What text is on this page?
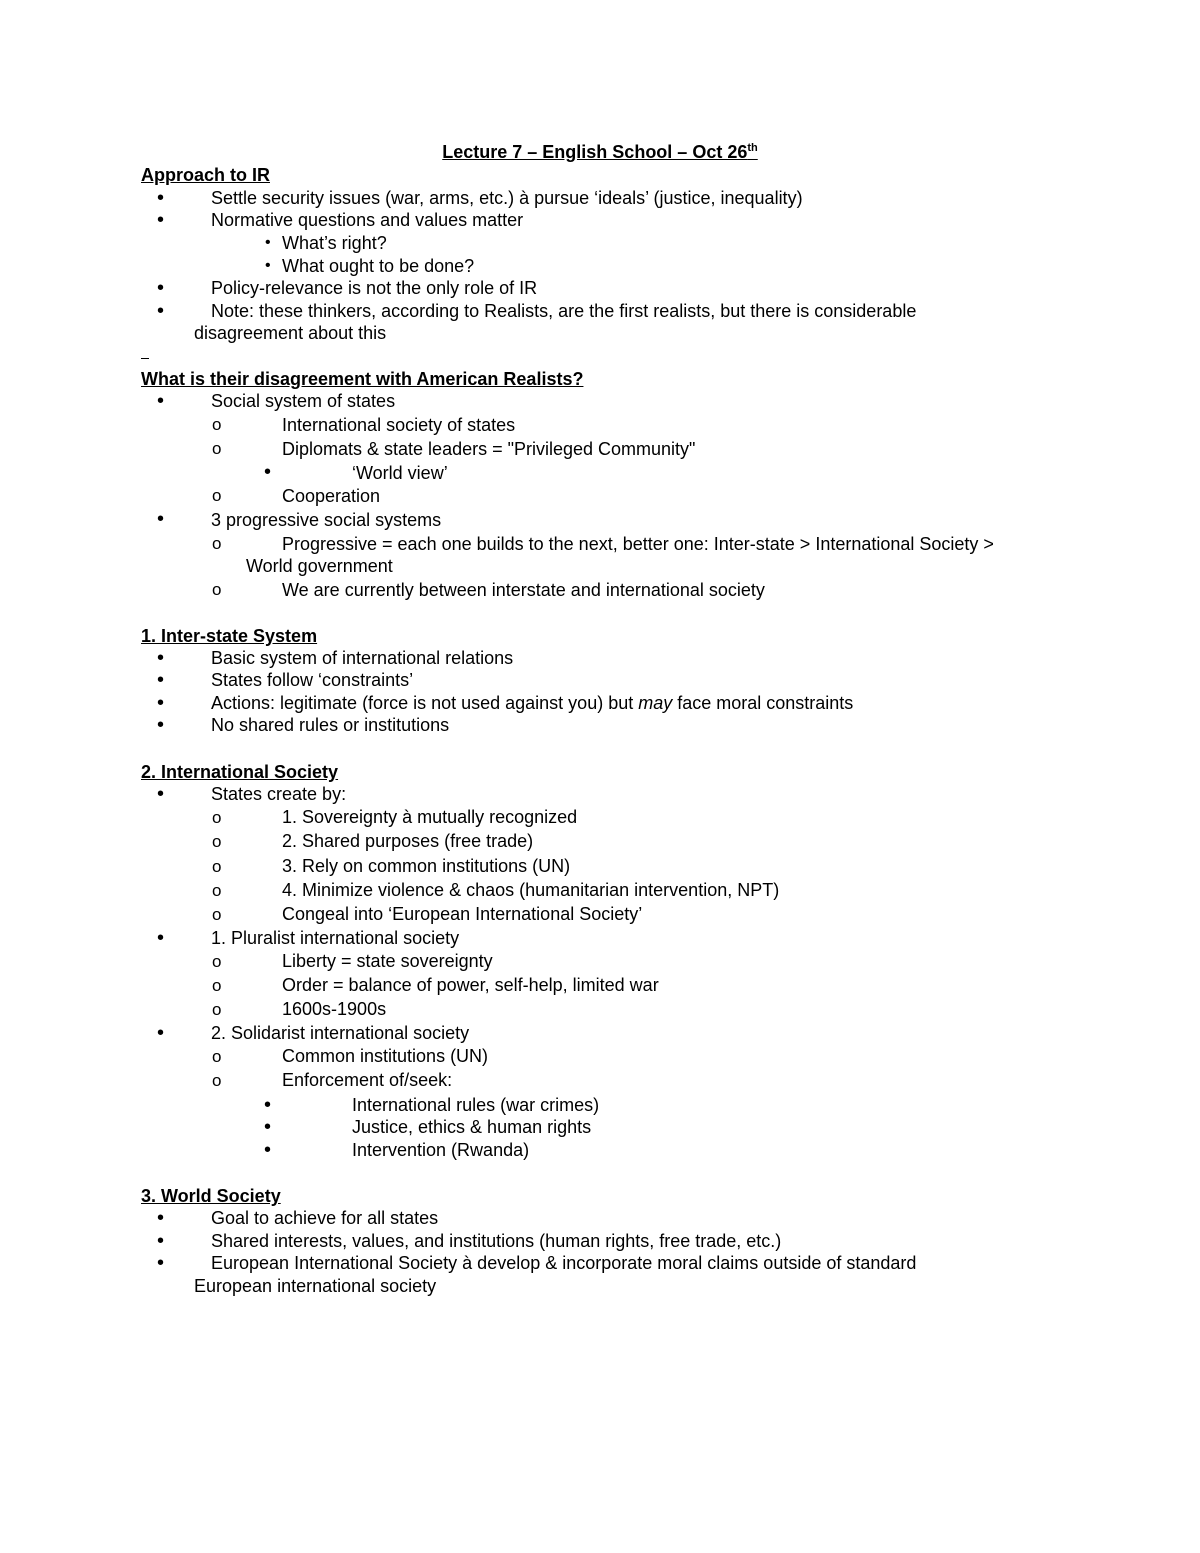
Lecture 7 – English School – Oct 26th
Approach to IR
•	Settle security issues (war, arms, etc.) à pursue ‘ideals’ (justice, inequality)
•	Normative questions and values matter
• What’s right?
• What ought to be done?
•	Policy-relevance is not the only role of IR
•	Note: these thinkers, according to Realists, are the first realists, but there is considerable
disagreement about this
What is their disagreement with American Realists?
•	Social system of states
o	International society of states
o	Diplomats & state leaders = "Privileged Community"
•	‘World view’
o	Cooperation
•	3 progressive social systems
o	Progressive = each one builds to the next, better one: Inter-state > International Society >
World government
o	We are currently between interstate and international society
1. Inter-state System
•	Basic system of international relations
•	States follow ‘constraints’
•	Actions: legitimate (force is not used against you) but may face moral constraints
•	No shared rules or institutions
2. International Society
•	States create by:
o	1. Sovereignty à mutually recognized
o	2. Shared purposes (free trade)
o	3. Rely on common institutions (UN)
o	4. Minimize violence & chaos (humanitarian intervention, NPT)
o	Congeal into ‘European International Society’
•	1. Pluralist international society
o	Liberty = state sovereignty
o	Order = balance of power, self-help, limited war
o	1600s-1900s
•	2. Solidarist international society
o	Common institutions (UN)
o	Enforcement of/seek:
•	International rules (war crimes)
•	Justice, ethics & human rights
•	Intervention (Rwanda)
3. World Society
•	Goal to achieve for all states
•	Shared interests, values, and institutions (human rights, free trade, etc.)
•	European International Society à develop & incorporate moral claims outside of standard
European international society
